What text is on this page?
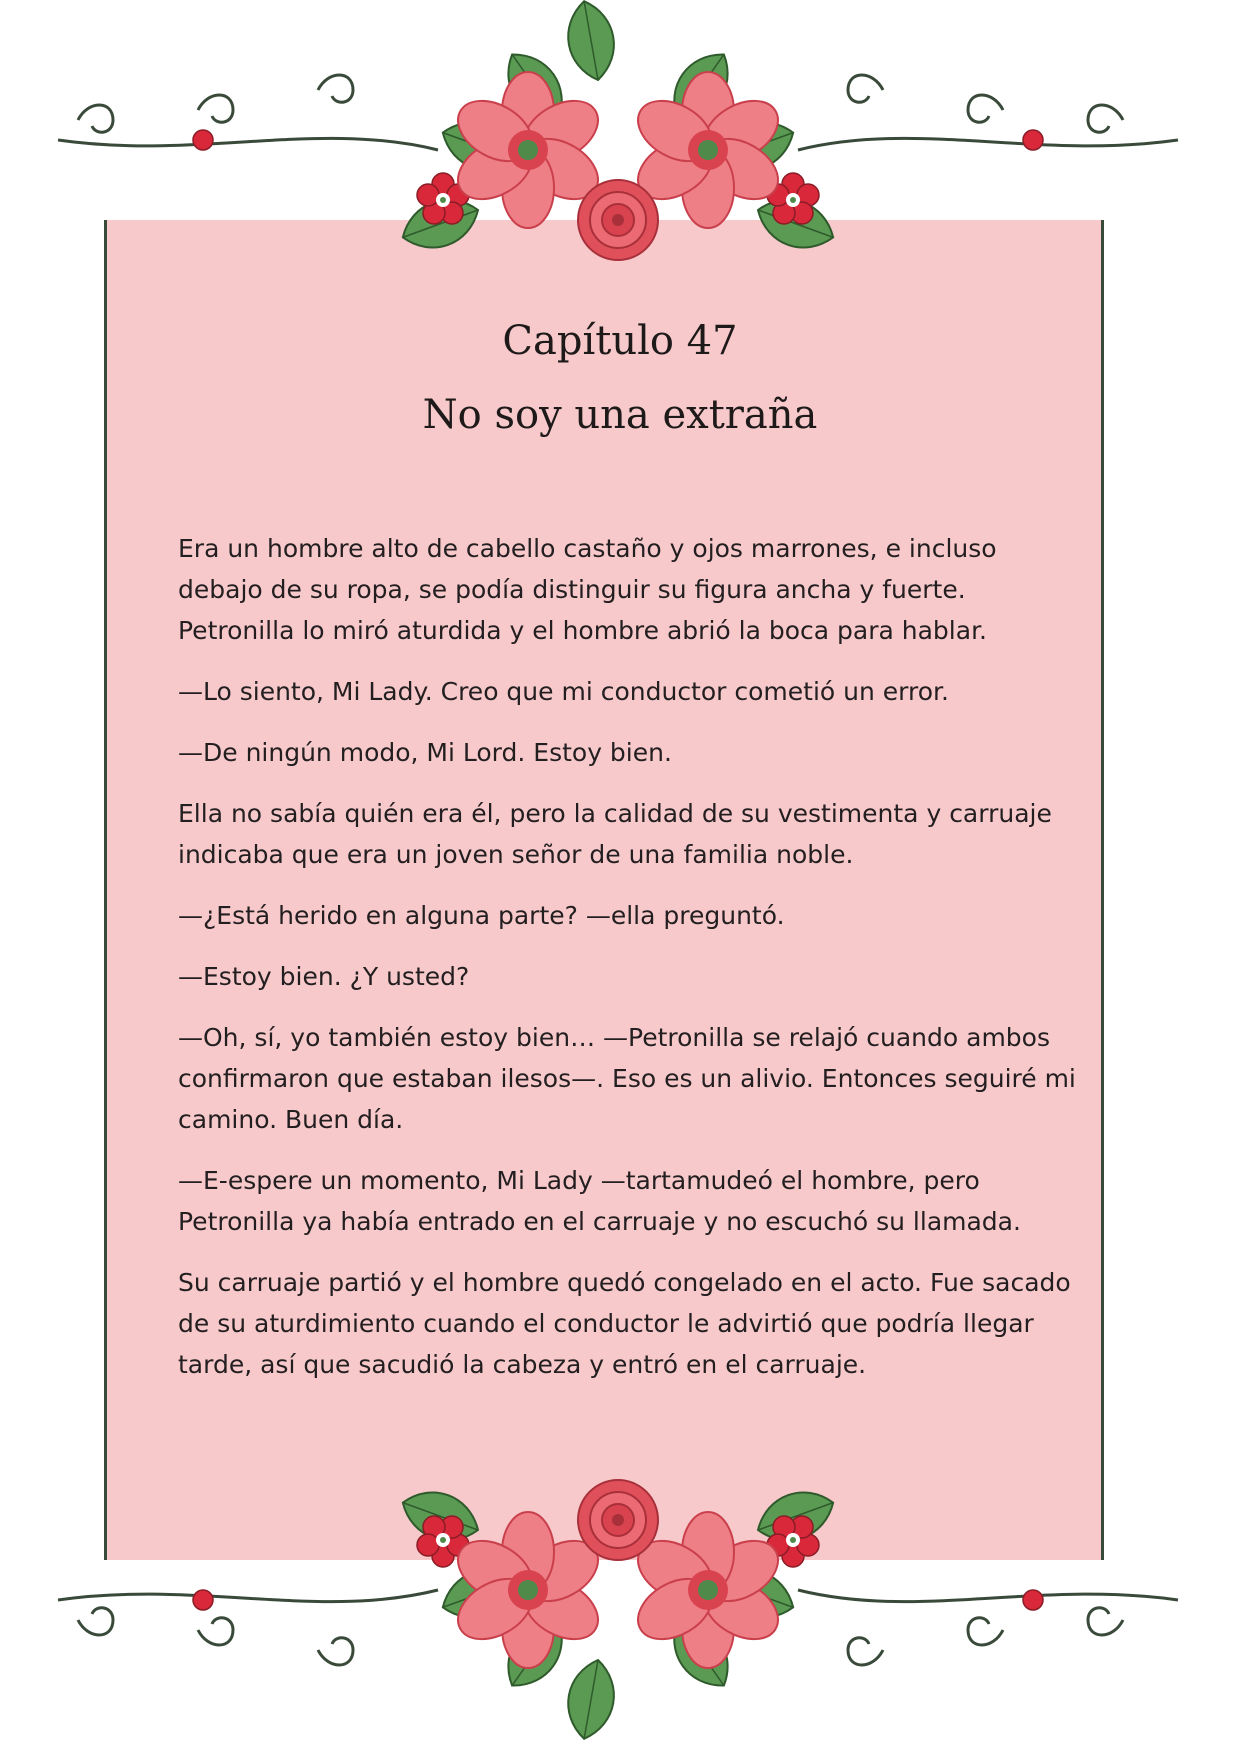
Capítulo 47
No soy una extraña

Era un hombre alto de cabello castaño y ojos marrones, e incluso debajo de su ropa, se podía distinguir su figura ancha y fuerte. Petronilla lo miró aturdida y el hombre abrió la boca para hablar.

—Lo siento, Mi Lady. Creo que mi conductor cometió un error.

—De ningún modo, Mi Lord. Estoy bien.

Ella no sabía quién era él, pero la calidad de su vestimenta y carruaje indicaba que era un joven señor de una familia noble.

—¿Está herido en alguna parte? —ella preguntó.

—Estoy bien. ¿Y usted?

—Oh, sí, yo también estoy bien… —Petronilla se relajó cuando ambos confirmaron que estaban ilesos—. Eso es un alivio. Entonces seguiré mi camino. Buen día.

—E-espere un momento, Mi Lady —tartamudeó el hombre, pero Petronilla ya había entrado en el carruaje y no escuchó su llamada.

Su carruaje partió y el hombre quedó congelado en el acto. Fue sacado de su aturdimiento cuando el conductor le advirtió que podría llegar tarde, así que sacudió la cabeza y entró en el carruaje.
